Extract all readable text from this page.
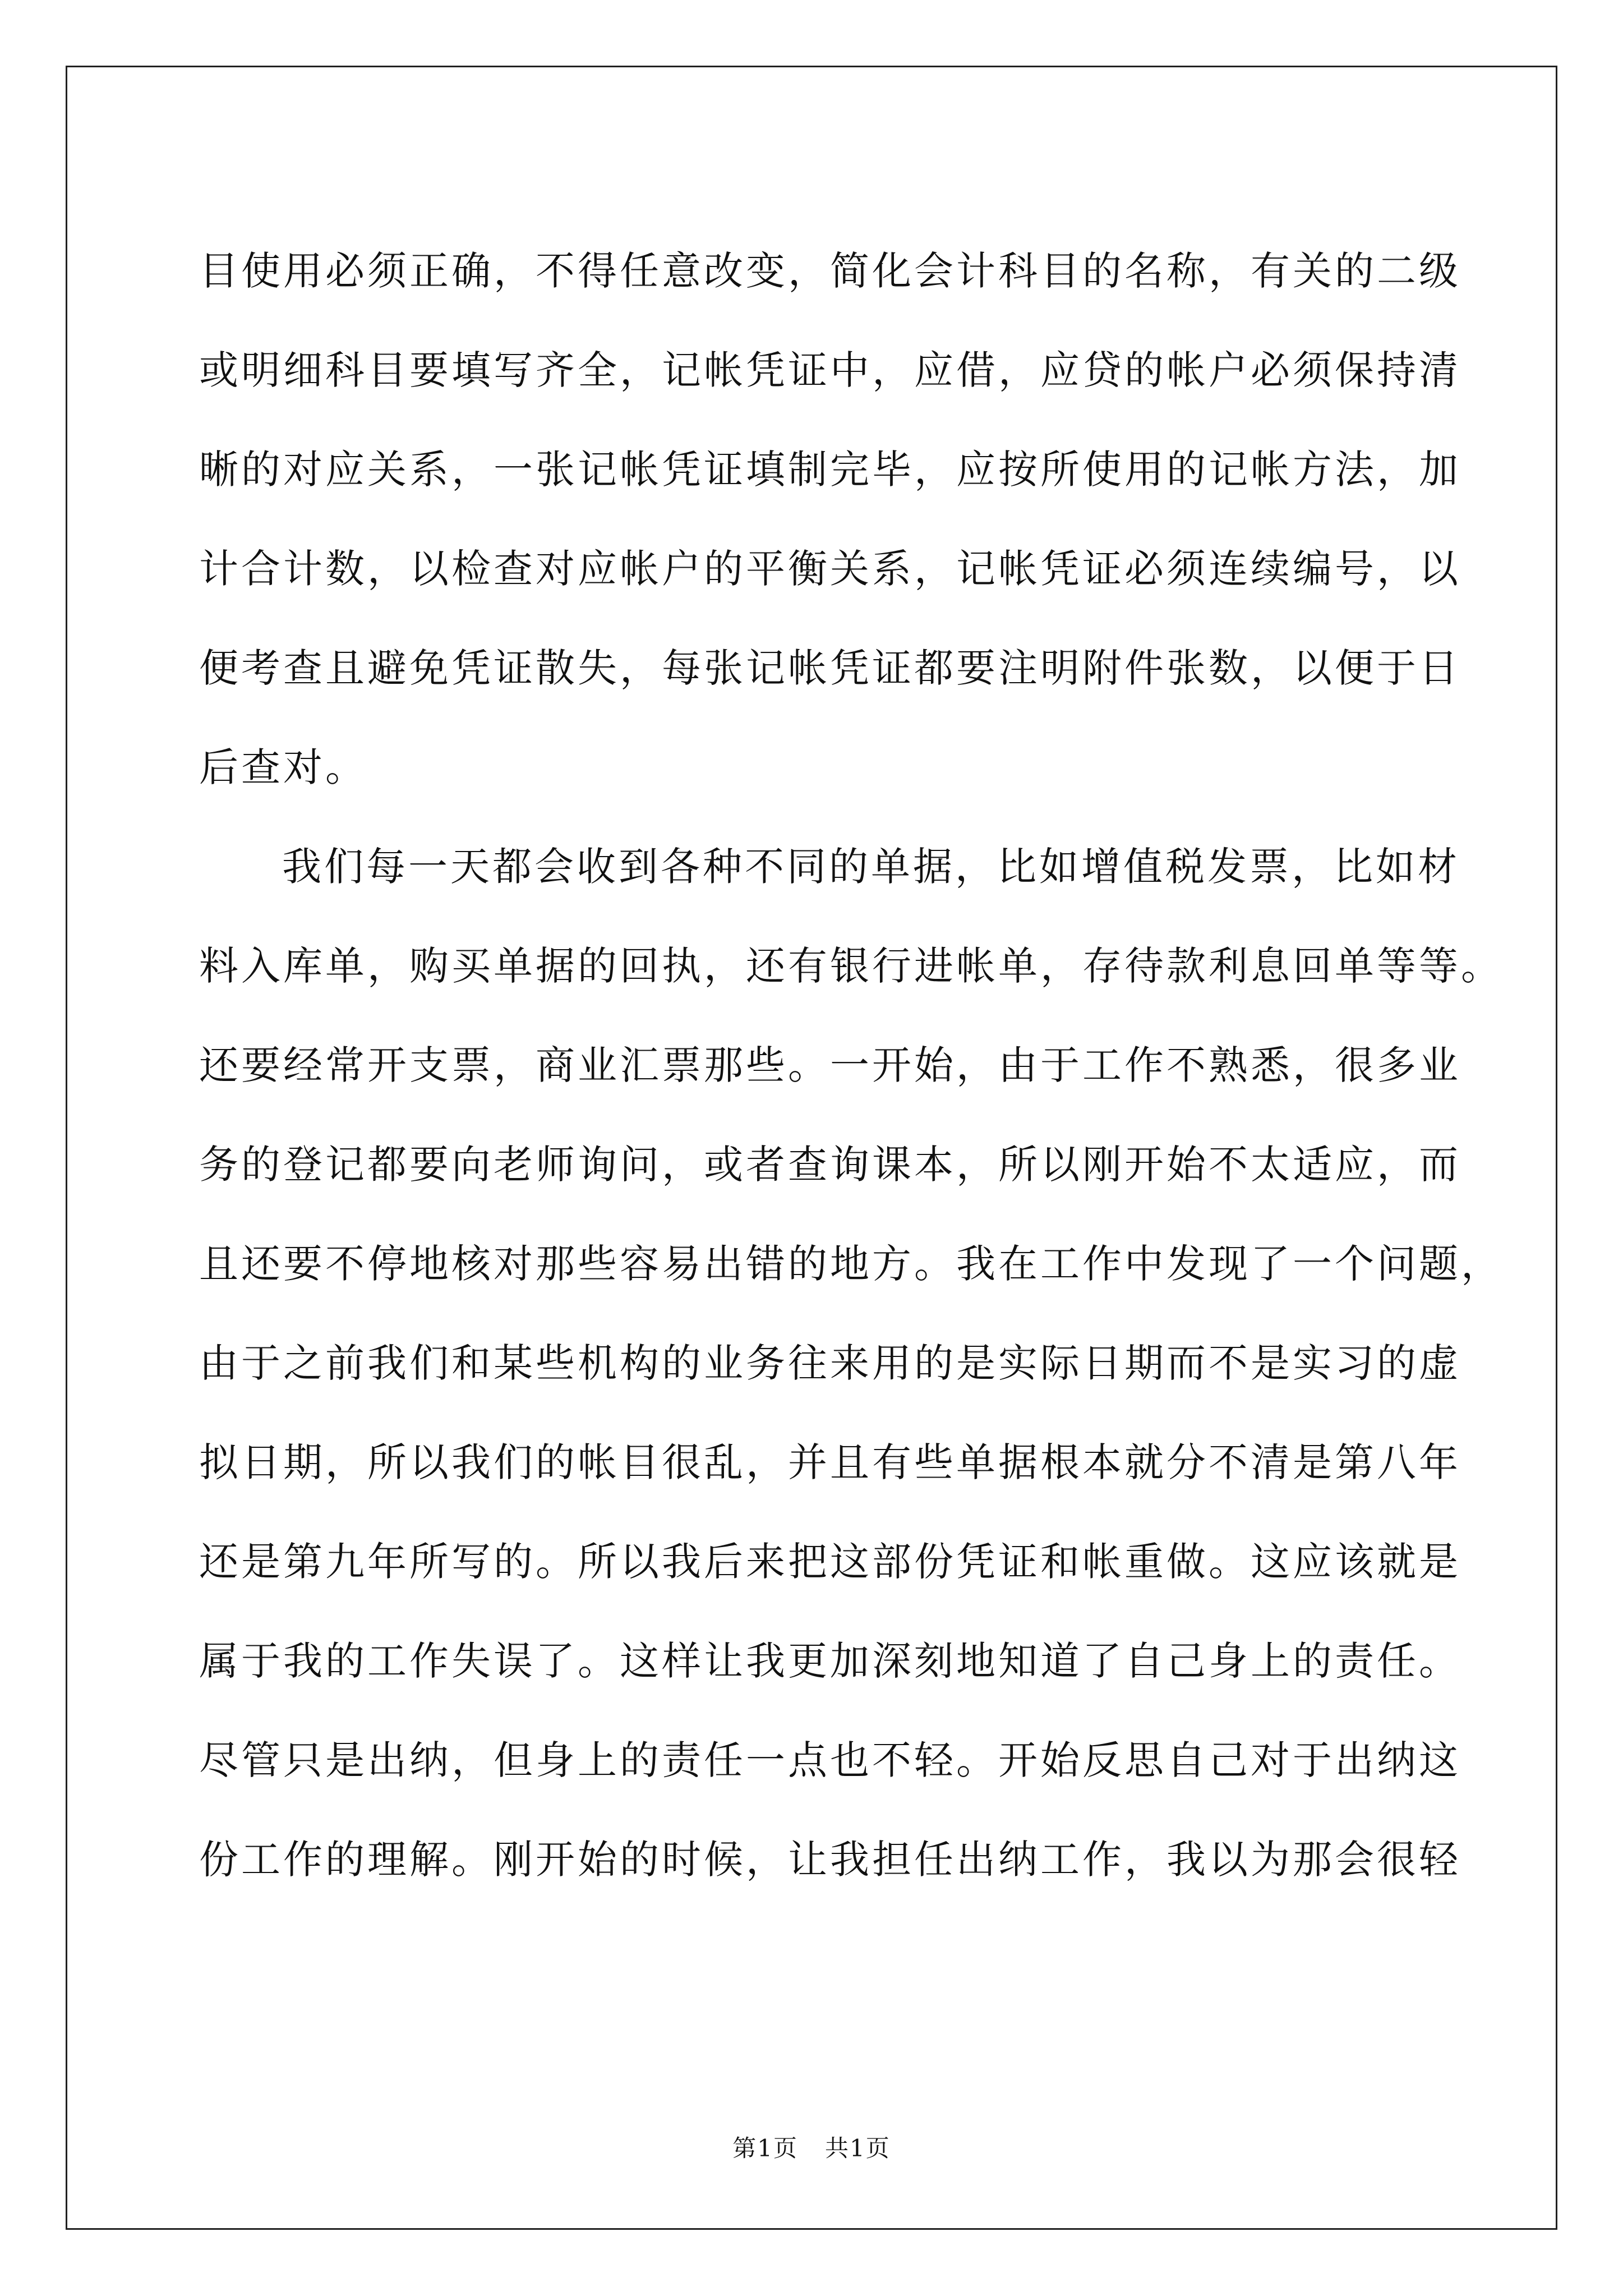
目使用必须正确，不得任意改变，简化会计科目的名称，有关的二级
或明细科目要填写齐全，记帐凭证中，应借，应贷的帐户必须保持清
晰的对应关系，一张记帐凭证填制完毕，应按所使用的记帐方法，加
计合计数，以检查对应帐户的平衡关系，记帐凭证必须连续编号，以
便考查且避免凭证散失，每张记帐凭证都要注明附件张数，以便于日
后查对。
我们每一天都会收到各种不同的单据，比如增值税发票，比如材
料入库单，购买单据的回执，还有银行进帐单，存待款利息回单等等。
还要经常开支票，商业汇票那些。一开始，由于工作不熟悉，很多业
务的登记都要向老师询问，或者查询课本，所以刚开始不太适应，而
且还要不停地核对那些容易出错的地方。我在工作中发现了一个问题，
由于之前我们和某些机构的业务往来用的是实际日期而不是实习的虚
拟日期，所以我们的帐目很乱，并且有些单据根本就分不清是第八年
还是第九年所写的。所以我后来把这部份凭证和帐重做。这应该就是
属于我的工作失误了。这样让我更加深刻地知道了自己身上的责任。
尽管只是出纳，但身上的责任一点也不轻。开始反思自己对于出纳这
份工作的理解。刚开始的时候，让我担任出纳工作，我以为那会很轻
第1页 共1页
